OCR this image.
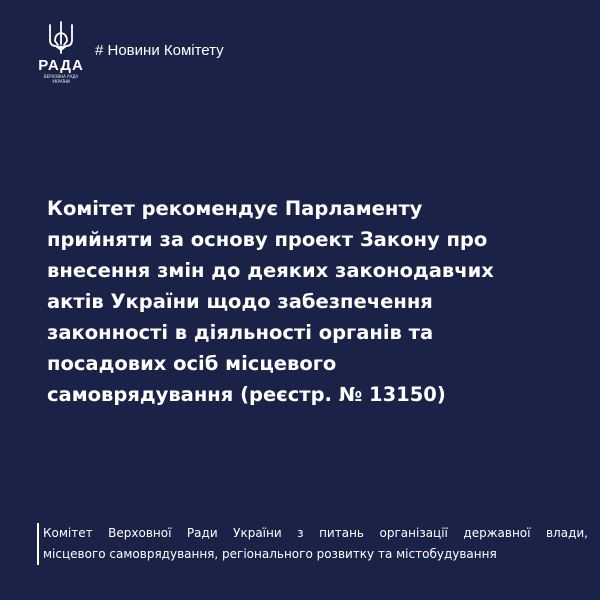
РАДА
ВЕРХОВНА РАДА
УКРАЇНИ
# Новини Комітету

Комітет рекомендує Парламенту
прийняти за основу проект Закону про
внесення змін до деяких законодавчих
актів України щодо забезпечення
законності в діяльності органів та
посадових осіб місцевого
самоврядування (реєстр. № 13150)

Комітет Верховної Ради України з питань організації державної влади,
місцевого самоврядування, регіонального розвитку та містобудування
